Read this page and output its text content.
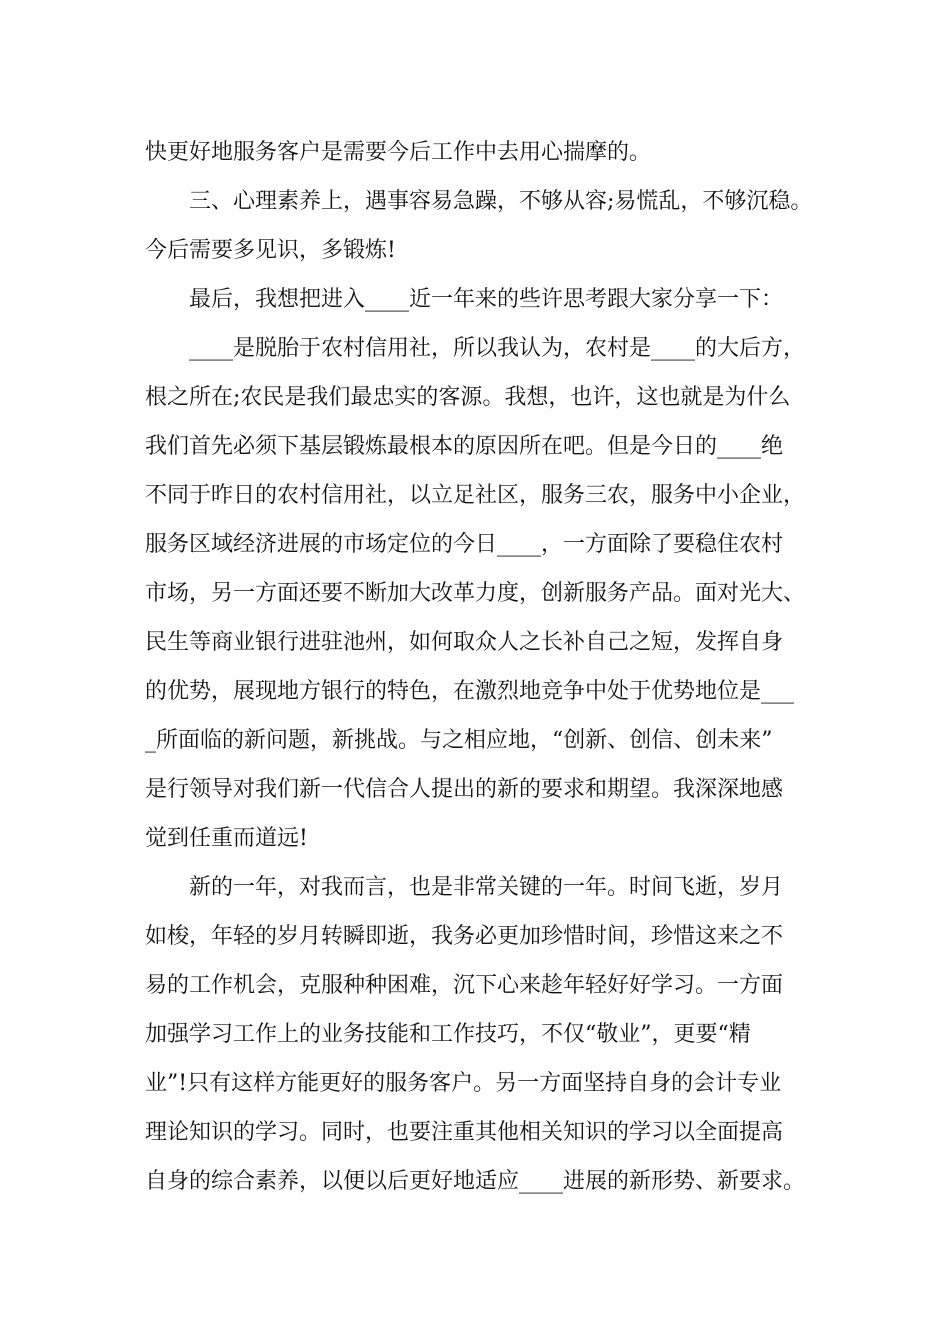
快更好地服务客户是需要今后工作中去用心揣摩的。
　　三、心理素养上，遇事容易急躁，不够从容;易慌乱，不够沉稳。
今后需要多见识，多锻炼!
　　最后，我想把进入____近一年来的些许思考跟大家分享一下：
　　____是脱胎于农村信用社，所以我认为，农村是____的大后方，
根之所在;农民是我们最忠实的客源。我想，也许，这也就是为什么
我们首先必须下基层锻炼最根本的原因所在吧。但是今日的____绝
不同于昨日的农村信用社，以立足社区，服务三农，服务中小企业，
服务区域经济进展的市场定位的今日____，一方面除了要稳住农村
市场，另一方面还要不断加大改革力度，创新服务产品。面对光大、
民生等商业银行进驻池州，如何取众人之长补自己之短，发挥自身
的优势，展现地方银行的特色，在激烈地竞争中处于优势地位是___
_所面临的新问题，新挑战。与之相应地，“创新、创信、创未来”
是行领导对我们新一代信合人提出的新的要求和期望。我深深地感
觉到任重而道远!
　　新的一年，对我而言，也是非常关键的一年。时间飞逝，岁月
如梭，年轻的岁月转瞬即逝，我务必更加珍惜时间，珍惜这来之不
易的工作机会，克服种种困难，沉下心来趁年轻好好学习。一方面
加强学习工作上的业务技能和工作技巧，不仅“敬业”，更要“精
业”!只有这样方能更好的服务客户。另一方面坚持自身的会计专业
理论知识的学习。同时，也要注重其他相关知识的学习以全面提高
自身的综合素养，以便以后更好地适应____进展的新形势、新要求。
